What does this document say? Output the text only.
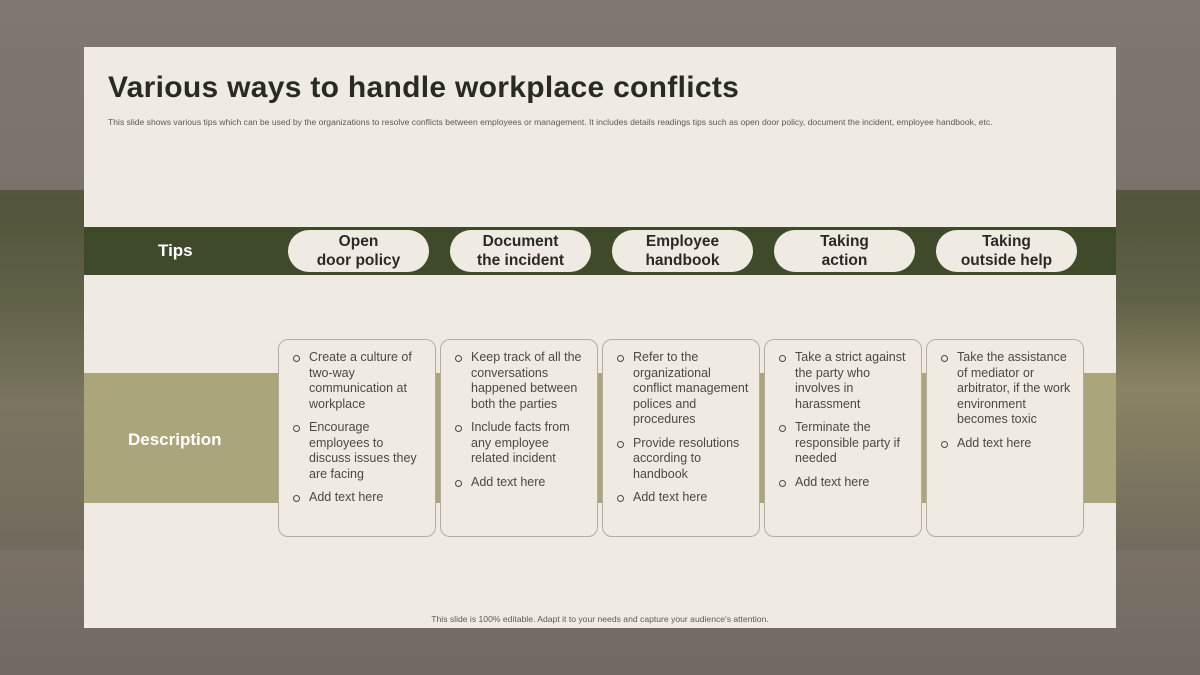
Various ways to handle workplace conflicts
This slide shows various tips which can be used by the organizations to resolve conflicts between employees or management. It includes details readings tips such as open door policy, document the incident, employee handbook, etc.
Tips	Open
door policy
Document
the incident
Employee
handbook
Taking
action
Taking
outside help
Description
Create a culture of two-way communication at workplace
Encourage employees to discuss issues they are facing
Add text here
Keep track of all the conversations happened between both the parties
Include facts from any employee related incident
Add text here
Refer to the organizational conflict management polices and procedures
Provide resolutions according to handbook
Add text here
Take a strict against the party who involves in harassment
Terminate the responsible party if needed
Add text here
Take the assistance of mediator or arbitrator, if the work environment becomes toxic
Add text here
This slide is 100% editable. Adapt it to your needs and capture your audience's attention.
